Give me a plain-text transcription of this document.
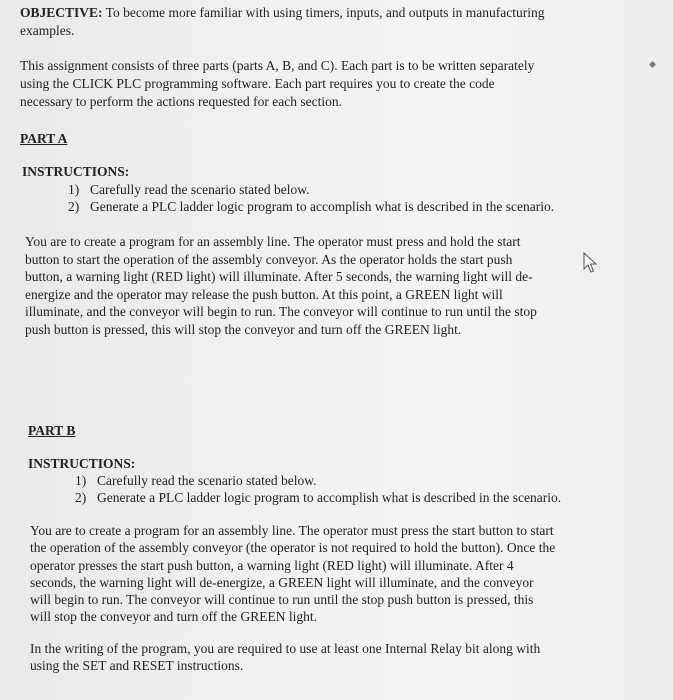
OBJECTIVE: To become more familiar with using timers, inputs, and outputs in manufacturing
examples.
This assignment consists of three parts (parts A, B, and C). Each part is to be written separately
using the CLICK PLC programming software. Each part requires you to create the code
necessary to perform the actions requested for each section.
PART A
INSTRUCTIONS:
1) Carefully read the scenario stated below.
2) Generate a PLC ladder logic program to accomplish what is described in the scenario.
You are to create a program for an assembly line. The operator must press and hold the start
button to start the operation of the assembly conveyor. As the operator holds the start push
button, a warning light (RED light) will illuminate. After 5 seconds, the warning light will de-
energize and the operator may release the push button. At this point, a GREEN light will
illuminate, and the conveyor will begin to run. The conveyor will continue to run until the stop
push button is pressed, this will stop the conveyor and turn off the GREEN light.
PART B
INSTRUCTIONS:
1) Carefully read the scenario stated below.
2) Generate a PLC ladder logic program to accomplish what is described in the scenario.
You are to create a program for an assembly line. The operator must press the start button to start
the operation of the assembly conveyor (the operator is not required to hold the button). Once the
operator presses the start push button, a warning light (RED light) will illuminate. After 4
seconds, the warning light will de-energize, a GREEN light will illuminate, and the conveyor
will begin to run. The conveyor will continue to run until the stop push button is pressed, this
will stop the conveyor and turn off the GREEN light.
In the writing of the program, you are required to use at least one Internal Relay bit along with
using the SET and RESET instructions.
